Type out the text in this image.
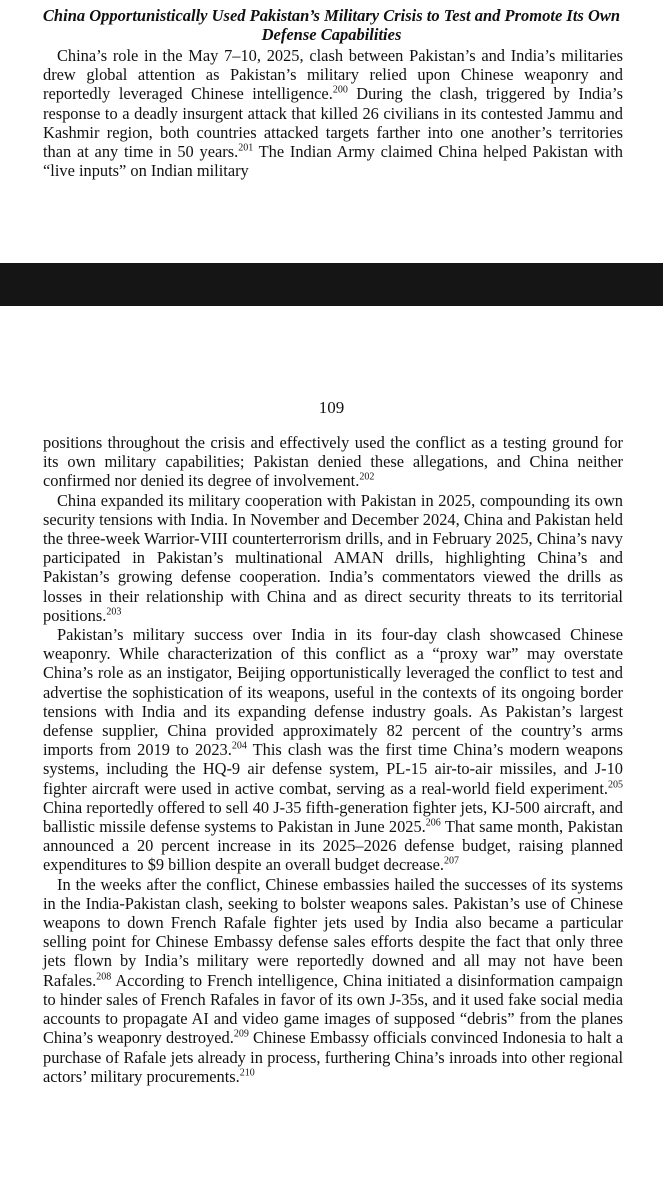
China Opportunistically Used Pakistan’s Military Crisis to Test and Promote Its Own Defense Capabilities

China’s role in the May 7–10, 2025, clash between Pakistan’s and India’s militaries drew global attention as Pakistan’s military relied upon Chinese weaponry and reportedly leveraged Chinese intelligence.$^{200}$ During the clash, triggered by India’s response to a deadly insurgent attack that killed 26 civilians in its contested Jammu and Kashmir region, both countries attacked targets farther into one another’s territories than at any time in 50 years.$^{201}$ The Indian Army claimed China helped Pakistan with “live inputs” on Indian military

109

positions throughout the crisis and effectively used the conflict as a testing ground for its own military capabilities; Pakistan denied these allegations, and China neither confirmed nor denied its degree of involvement.$^{202}$

China expanded its military cooperation with Pakistan in 2025, compounding its own security tensions with India. In November and December 2024, China and Pakistan held the three-week Warrior-VIII counterterrorism drills, and in February 2025, China’s navy participated in Pakistan’s multinational AMAN drills, highlighting China’s and Pakistan’s growing defense cooperation. India’s commentators viewed the drills as losses in their relationship with China and as direct security threats to its territorial positions.$^{203}$

Pakistan’s military success over India in its four-day clash showcased Chinese weaponry. While characterization of this conflict as a “proxy war” may overstate China’s role as an instigator, Beijing opportunistically leveraged the conflict to test and advertise the sophistication of its weapons, useful in the contexts of its ongoing border tensions with India and its expanding defense industry goals. As Pakistan’s largest defense supplier, China provided approximately 82 percent of the country’s arms imports from 2019 to 2023.$^{204}$ This clash was the first time China’s modern weapons systems, including the HQ-9 air defense system, PL-15 air-to-air missiles, and J-10 fighter aircraft were used in active combat, serving as a real-world field experiment.$^{205}$ China reportedly offered to sell 40 J-35 fifth-generation fighter jets, KJ-500 aircraft, and ballistic missile defense systems to Pakistan in June 2025.$^{206}$ That same month, Pakistan announced a 20 percent increase in its 2025–2026 defense budget, raising planned expenditures to $9 billion despite an overall budget decrease.$^{207}$

In the weeks after the conflict, Chinese embassies hailed the successes of its systems in the India-Pakistan clash, seeking to bolster weapons sales. Pakistan’s use of Chinese weapons to down French Rafale fighter jets used by India also became a particular selling point for Chinese Embassy defense sales efforts despite the fact that only three jets flown by India’s military were reportedly downed and all may not have been Rafales.$^{208}$ According to French intelligence, China initiated a disinformation campaign to hinder sales of French Rafales in favor of its own J-35s, and it used fake social media accounts to propagate AI and video game images of supposed “debris” from the planes China’s weaponry destroyed.$^{209}$ Chinese Embassy officials convinced Indonesia to halt a purchase of Rafale jets already in process, furthering China’s inroads into other regional actors’ military procurements.$^{210}$
